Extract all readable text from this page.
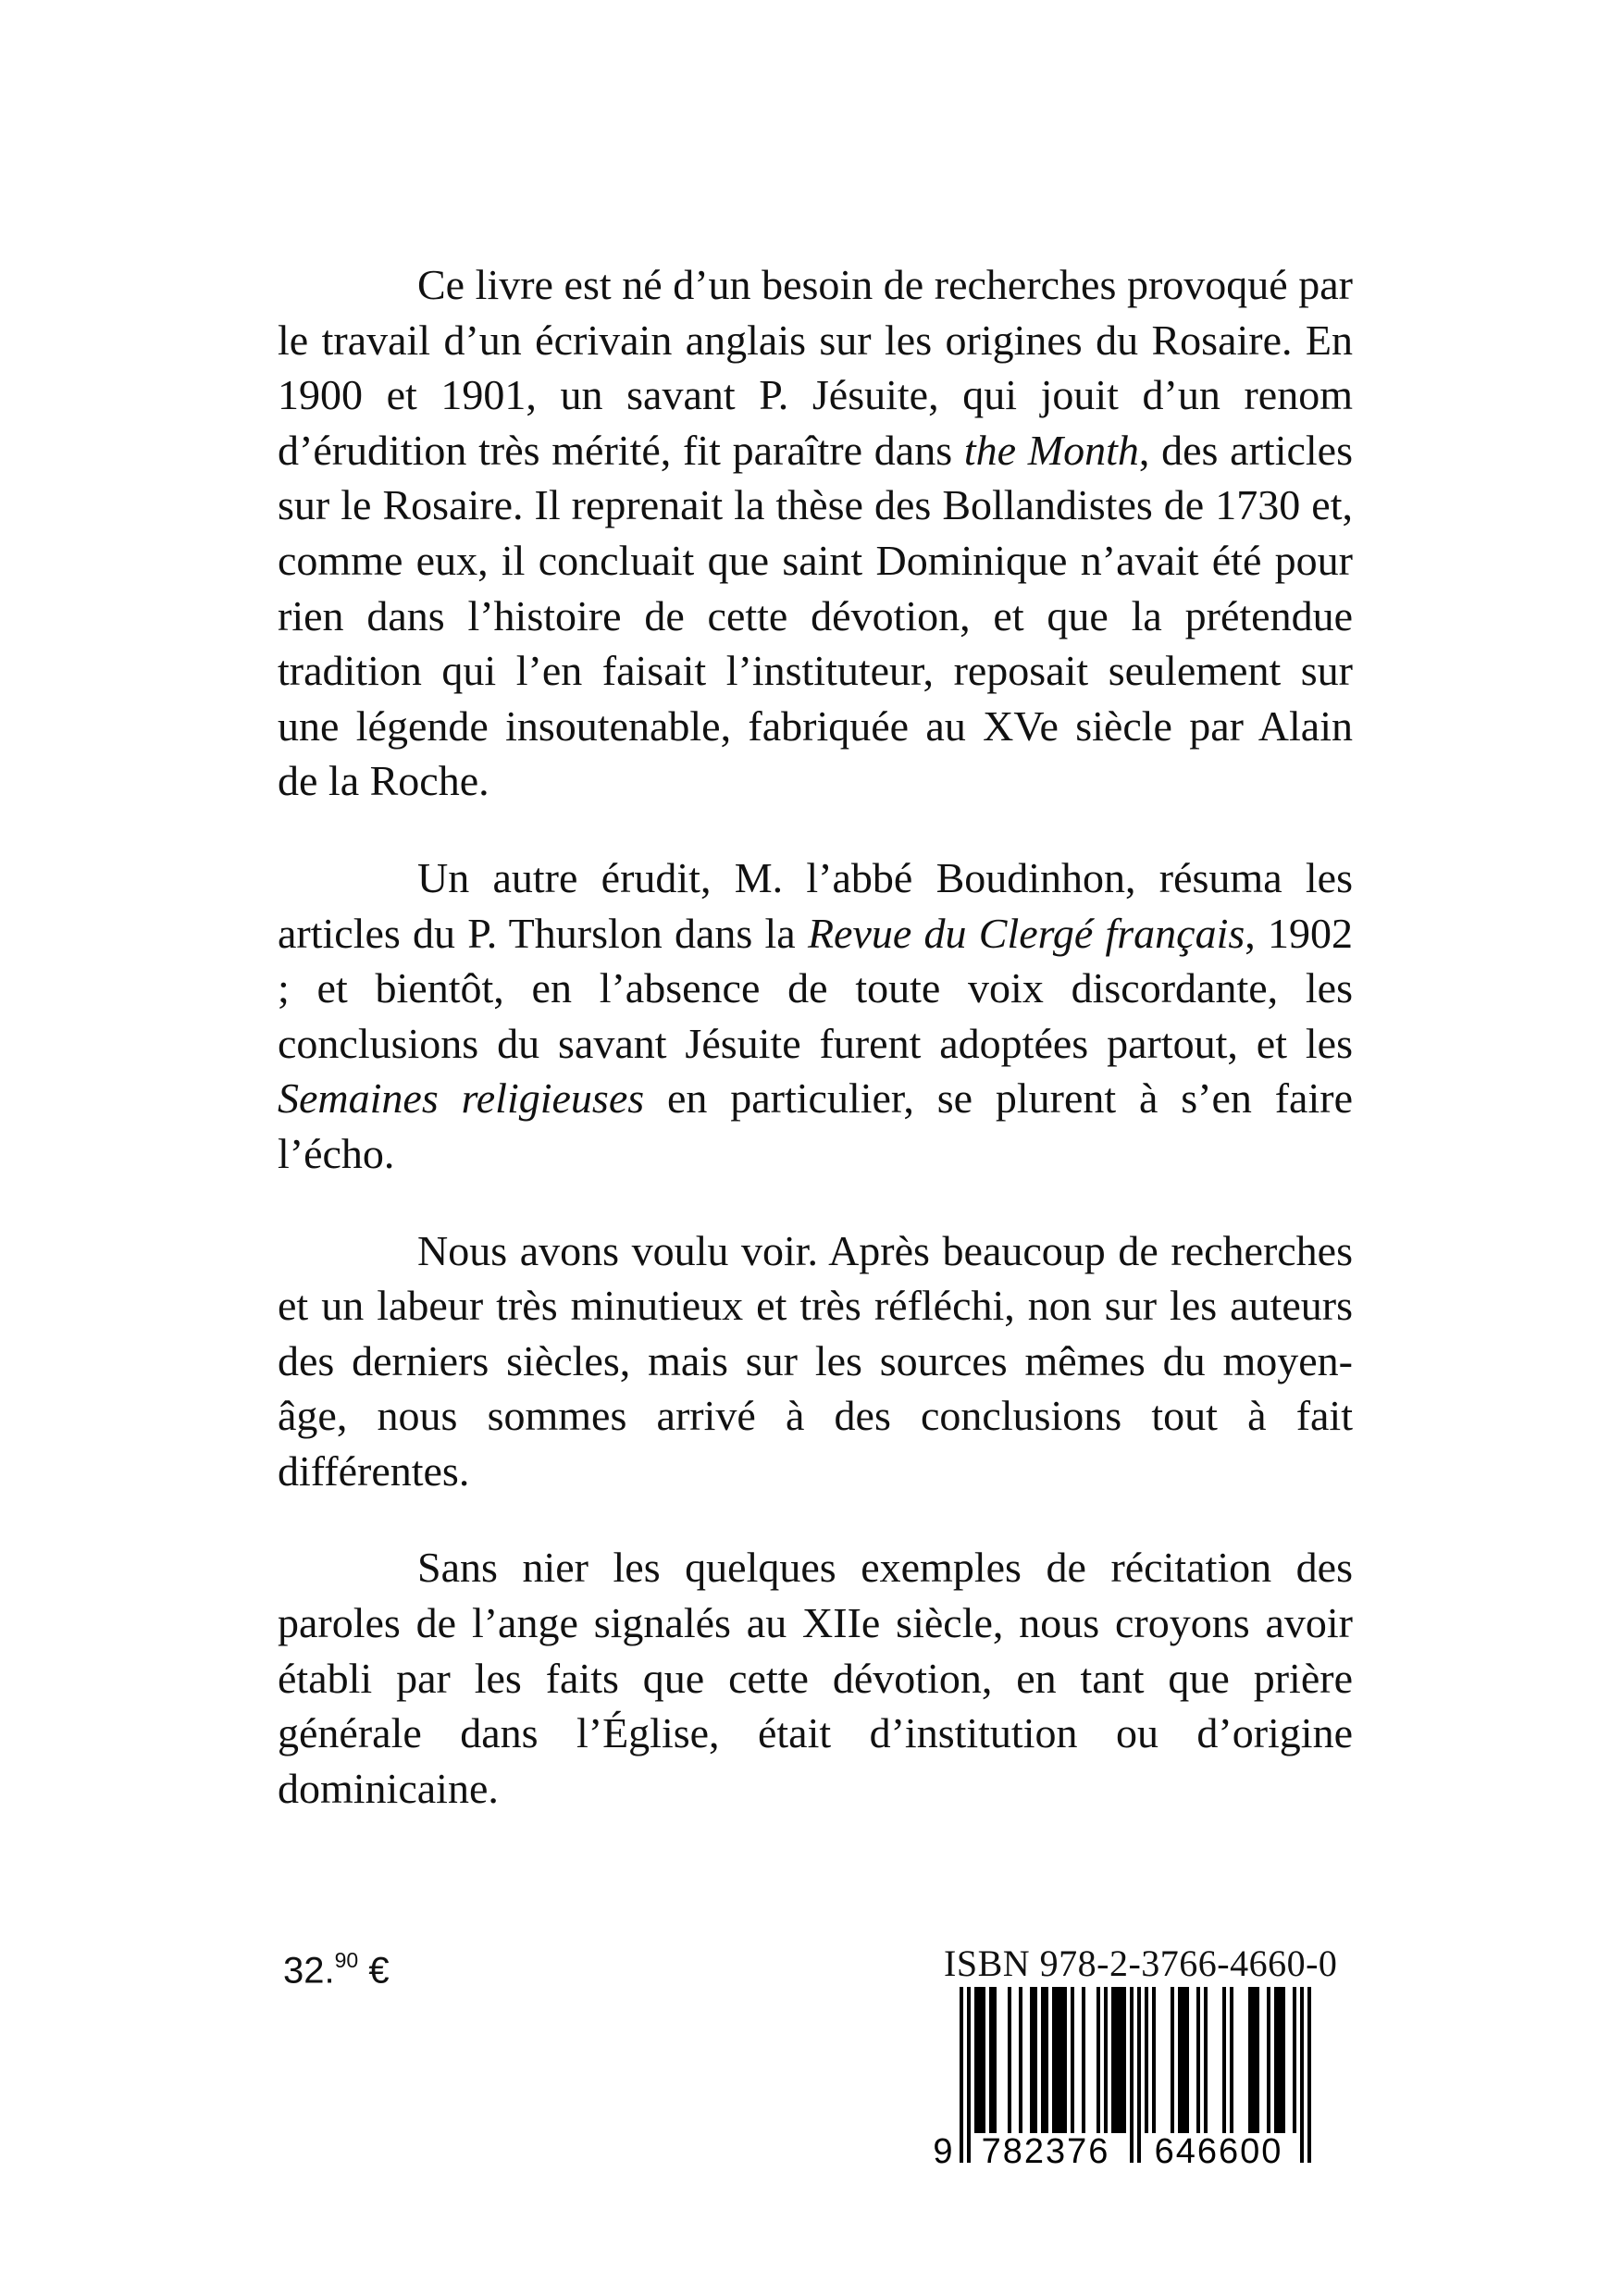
Ce livre est né d’un besoin de recherches provoqué par le travail d’un écrivain anglais sur les origines du Rosaire. En 1900 et 1901, un savant P. Jésuite, qui jouit d’un renom d’érudition très mérité, fit paraître dans the Month, des articles sur le Rosaire. Il reprenait la thèse des Bollandistes de 1730 et, comme eux, il concluait que saint Dominique n’avait été pour rien dans l’histoire de cette dévotion, et que la prétendue tradition qui l’en faisait l’instituteur, reposait seulement sur une légende insoutenable, fabriquée au XVe siècle par Alain de la Roche.

Un autre érudit, M. l’abbé Boudinhon, résuma les articles du P. Thurslon dans la Revue du Clergé français, 1902 ; et bientôt, en l’absence de toute voix discordante, les conclusions du savant Jésuite furent adoptées partout, et les Semaines religieuses en particulier, se plurent à s’en faire l’écho.

Nous avons voulu voir. Après beaucoup de recherches et un labeur très minutieux et très réfléchi, non sur les auteurs des derniers siècles, mais sur les sources mêmes du moyen-âge, nous sommes arrivé à des conclusions tout à fait différentes.

Sans nier les quelques exemples de récitation des paroles de l’ange signalés au XIIe siècle, nous croyons avoir établi par les faits que cette dévotion, en tant que prière générale dans l’Église, était d’institution ou d’origine dominicaine.

32.90 €	ISBN 978-2-3766-4660-0
9 782376 646600
